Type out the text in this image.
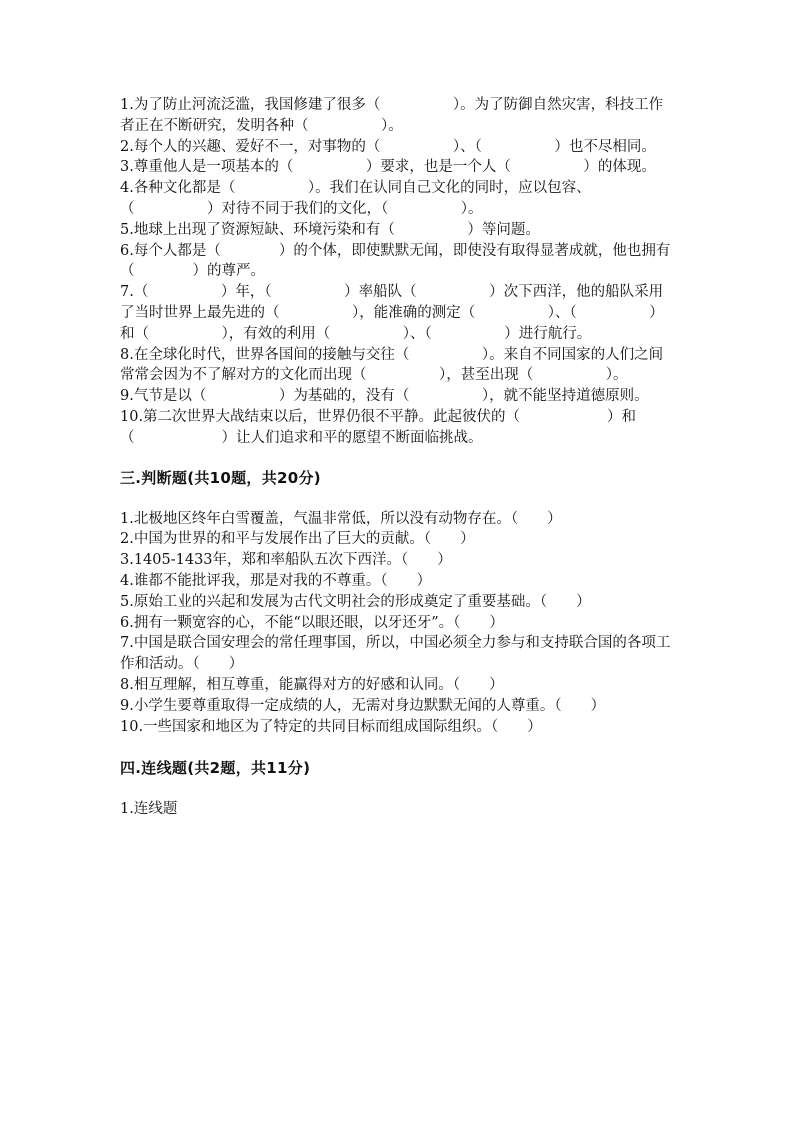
1.为了防止河流泛滥，我国修建了很多（　　　　　）。为了防御自然灾害，科技工作者正在不断研究，发明各种（　　　　　）。

2.每个人的兴趣、爱好不一，对事物的（　　　　　）、（　　　　　）也不尽相同。

3.尊重他人是一项基本的（　　　　　）要求，也是一个人（　　　　　）的体现。

4.各种文化都是（　　　　　）。我们在认同自己文化的同时，应以包容、（　　　　　）对待不同于我们的文化，（　　　　　）。

5.地球上出现了资源短缺、环境污染和有（　　　　　）等问题。

6.每个人都是（　　　　）的个体，即使默默无闻，即使没有取得显著成就，他也拥有（　　　　）的尊严。

7.（　　　　　）年，（　　　　　）率船队（　　　　　）次下西洋，他的船队采用了当时世界上最先进的（　　　　　），能准确的测定（　　　　　）、（　　　　　）和（　　　　　），有效的利用（　　　　　）、（　　　　　）进行航行。

8.在全球化时代，世界各国间的接触与交往（　　　　　）。来自不同国家的人们之间常常会因为不了解对方的文化而出现（　　　　　），甚至出现（　　　　　）。

9.气节是以（　　　　　）为基础的，没有（　　　　　），就不能坚持道德原则。

10.第二次世界大战结束以后，世界仍很不平静。此起彼伏的（　　　　　　）和（　　　　　　）让人们追求和平的愿望不断面临挑战。

三.判断题(共10题，共20分)

1.北极地区终年白雪覆盖，气温非常低，所以没有动物存在。（　　）

2.中国为世界的和平与发展作出了巨大的贡献。（　　）

3.1405-1433年，郑和率船队五次下西洋。（　　）

4.谁都不能批评我，那是对我的不尊重。（　　）

5.原始工业的兴起和发展为古代文明社会的形成奠定了重要基础。（　　）

6.拥有一颗宽容的心，不能“以眼还眼，以牙还牙”。（　　）

7.中国是联合国安理会的常任理事国，所以，中国必须全力参与和支持联合国的各项工作和活动。（　　）

8.相互理解，相互尊重，能赢得对方的好感和认同。（　　）

9.小学生要尊重取得一定成绩的人，无需对身边默默无闻的人尊重。（　　）

10.一些国家和地区为了特定的共同目标而组成国际组织。（　　）

四.连线题(共2题，共11分)

1.连线题
